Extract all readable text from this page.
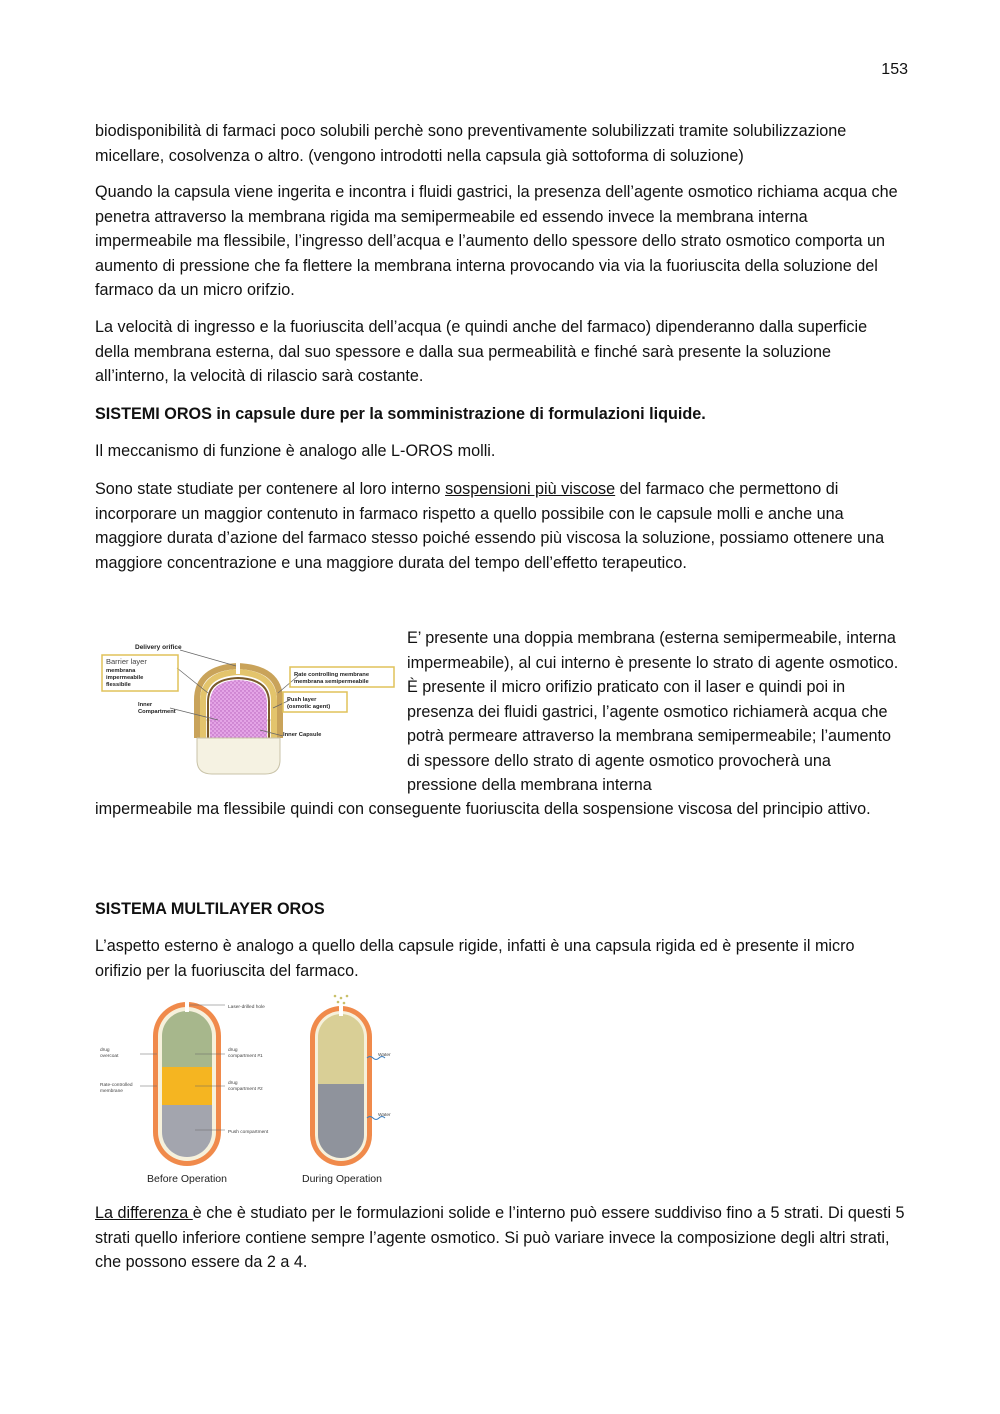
153

biodisponibilità di farmaci poco solubili perchè sono preventivamente solubilizzati tramite solubilizzazione micellare, cosolvenza o altro. (vengono introdotti nella capsula già sottoforma di soluzione)

Quando la capsula viene ingerita e incontra i fluidi gastrici, la presenza dell’agente osmotico richiama acqua che penetra attraverso la membrana rigida ma semipermeabile ed essendo invece la membrana interna impermeabile ma flessibile, l’ingresso dell’acqua e l’aumento dello spessore dello strato osmotico comporta un aumento di pressione che fa flettere la membrana interna provocando via via la fuoriuscita della soluzione del farmaco da un micro orifzio.

La velocità di ingresso e la fuoriuscita dell’acqua (e quindi anche del farmaco) dipenderanno dalla superficie della membrana esterna, dal suo spessore e dalla sua permeabilità e finché sarà presente la soluzione all’interno, la velocità di rilascio sarà costante.

SISTEMI OROS in capsule dure per la somministrazione di formulazioni liquide.

Il meccanismo di funzione è analogo alle L-OROS molli.

Sono state studiate per contenere al loro interno sospensioni più viscose del farmaco che permettono di incorporare un maggior contenuto in farmaco rispetto a quello possibile con le capsule molli e anche una maggiore durata d’azione del farmaco stesso poiché essendo più viscosa la soluzione, possiamo ottenere una maggiore concentrazione e una maggiore durata del tempo dell’effetto terapeutico.

Delivery orifice
Barrier layer
membrana
impermeabile
flessibile
Rate controlling membrane
membrana semipermeabile
Push layer
(osmotic agent)
Inner
Compartment
Inner Capsule

E’ presente una doppia membrana (esterna semipermeabile, interna impermeabile), al cui interno è presente lo strato di agente osmotico. È presente il micro orifizio praticato con il laser e quindi poi in presenza dei fluidi gastrici, l’agente osmotico richiamerà acqua che potrà permeare attraverso la membrana semipermeabile; l’aumento di spessore dello strato di agente osmotico provocherà una pressione della membrana interna

impermeabile ma flessibile quindi con conseguente fuoriuscita della sospensione viscosa del principio attivo.

SISTEMA MULTILAYER OROS

L’aspetto esterno è analogo a quello della capsule rigide, infatti è una capsula rigida ed è presente il micro orifizio per la fuoriuscita del farmaco.

Laser-drilled hole
drug
overcoat
Rate-controlled
membrane
drug
compartment #1
drug
compartment #2
Push compartment
Water
Water
Before Operation	During Operation

La differenza è che è studiato per le formulazioni solide e l’interno può essere suddiviso fino a 5 strati. Di questi 5 strati quello inferiore contiene sempre l’agente osmotico. Si può variare invece la composizione degli altri strati, che possono essere da 2 a 4.
